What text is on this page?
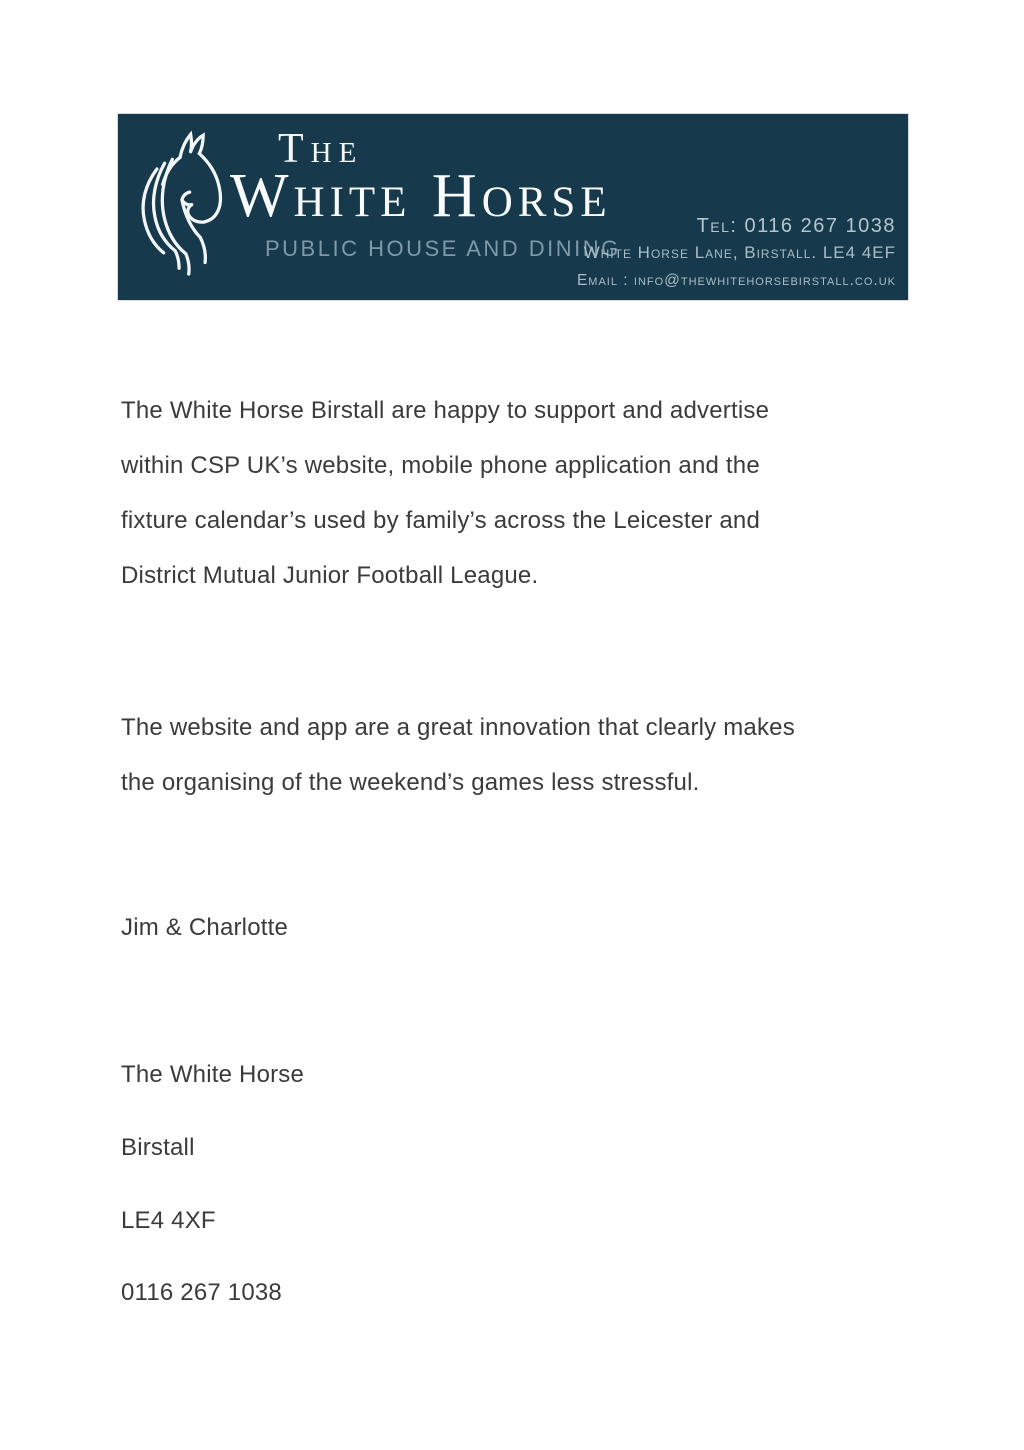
The
White Horse
PUBLIC HOUSE AND DINING
Tel: 0116 267 1038
White Horse Lane, Birstall. LE4 4EF
Email : info@thewhitehorsebirstall.co.uk

The White Horse Birstall are happy to support and advertise
within CSP UK’s website, mobile phone application and the
fixture calendar’s used by family’s across the Leicester and
District Mutual Junior Football League.

The website and app are a great innovation that clearly makes
the organising of the weekend’s games less stressful.

Jim & Charlotte

The White Horse

Birstall

LE4 4XF

0116 267 1038
